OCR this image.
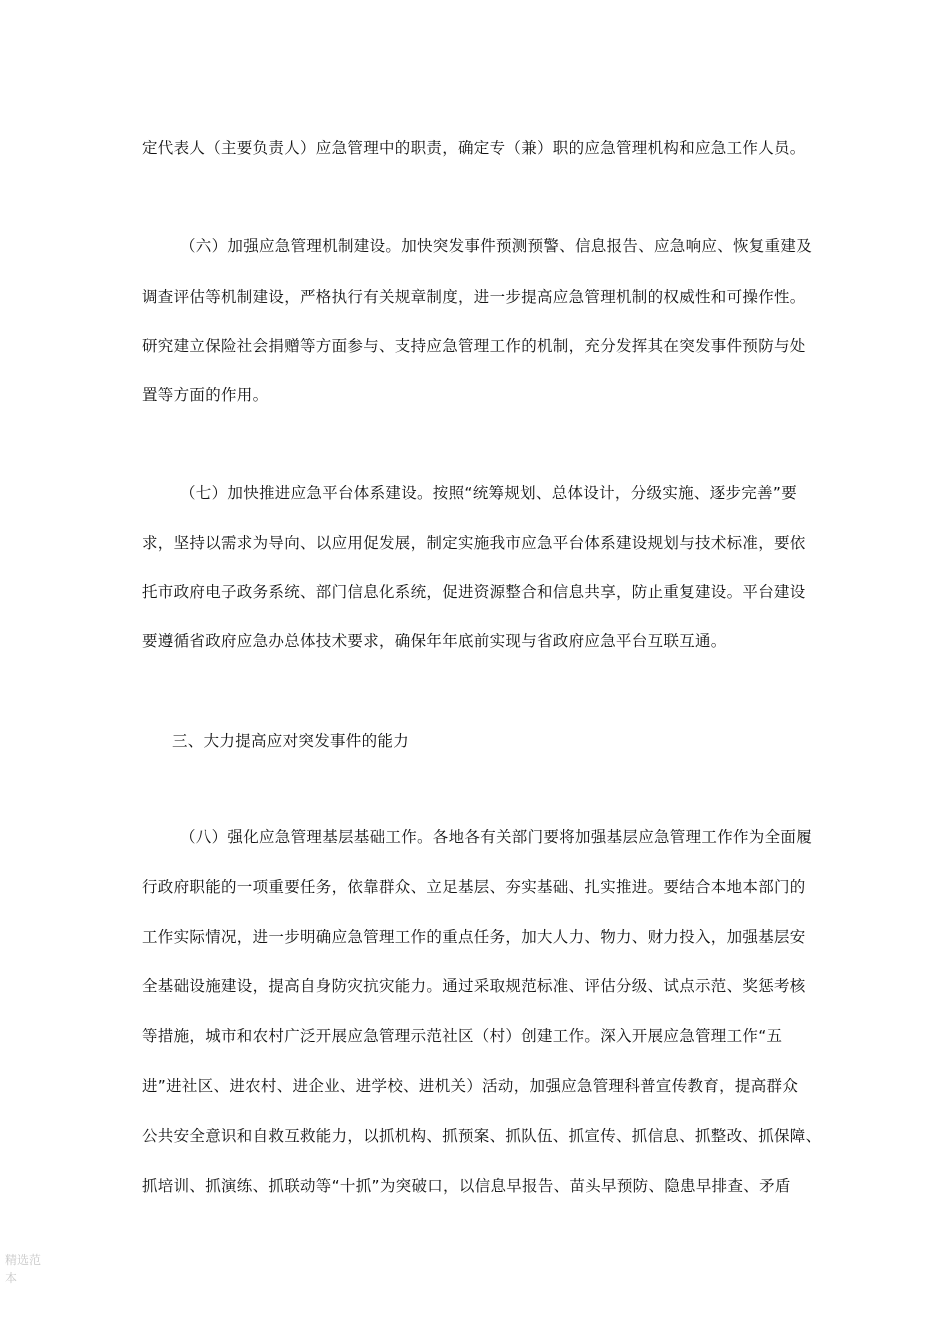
定代表人（主要负责人）应急管理中的职责，确定专（兼）职的应急管理机构和应急工作人员。
（六）加强应急管理机制建设。加快突发事件预测预警、信息报告、应急响应、恢复重建及
调查评估等机制建设，严格执行有关规章制度，进一步提高应急管理机制的权威性和可操作性。
研究建立保险社会捐赠等方面参与、支持应急管理工作的机制，充分发挥其在突发事件预防与处
置等方面的作用。
（七）加快推进应急平台体系建设。按照“统筹规划、总体设计，分级实施、逐步完善”要
求，坚持以需求为导向、以应用促发展，制定实施我市应急平台体系建设规划与技术标准，要依
托市政府电子政务系统、部门信息化系统，促进资源整合和信息共享，防止重复建设。平台建设
要遵循省政府应急办总体技术要求，确保年年底前实现与省政府应急平台互联互通。
三、大力提高应对突发事件的能力
（八）强化应急管理基层基础工作。各地各有关部门要将加强基层应急管理工作作为全面履
行政府职能的一项重要任务，依靠群众、立足基层、夯实基础、扎实推进。要结合本地本部门的
工作实际情况，进一步明确应急管理工作的重点任务，加大人力、物力、财力投入，加强基层安
全基础设施建设，提高自身防灾抗灾能力。通过采取规范标准、评估分级、试点示范、奖惩考核
等措施，城市和农村广泛开展应急管理示范社区（村）创建工作。深入开展应急管理工作“五
进”进社区、进农村、进企业、进学校、进机关）活动，加强应急管理科普宣传教育，提高群众
公共安全意识和自救互救能力，以抓机构、抓预案、抓队伍、抓宣传、抓信息、抓整改、抓保障、
抓培训、抓演练、抓联动等“十抓”为突破口，以信息早报告、苗头早预防、隐患早排查、矛盾
精选范
本
